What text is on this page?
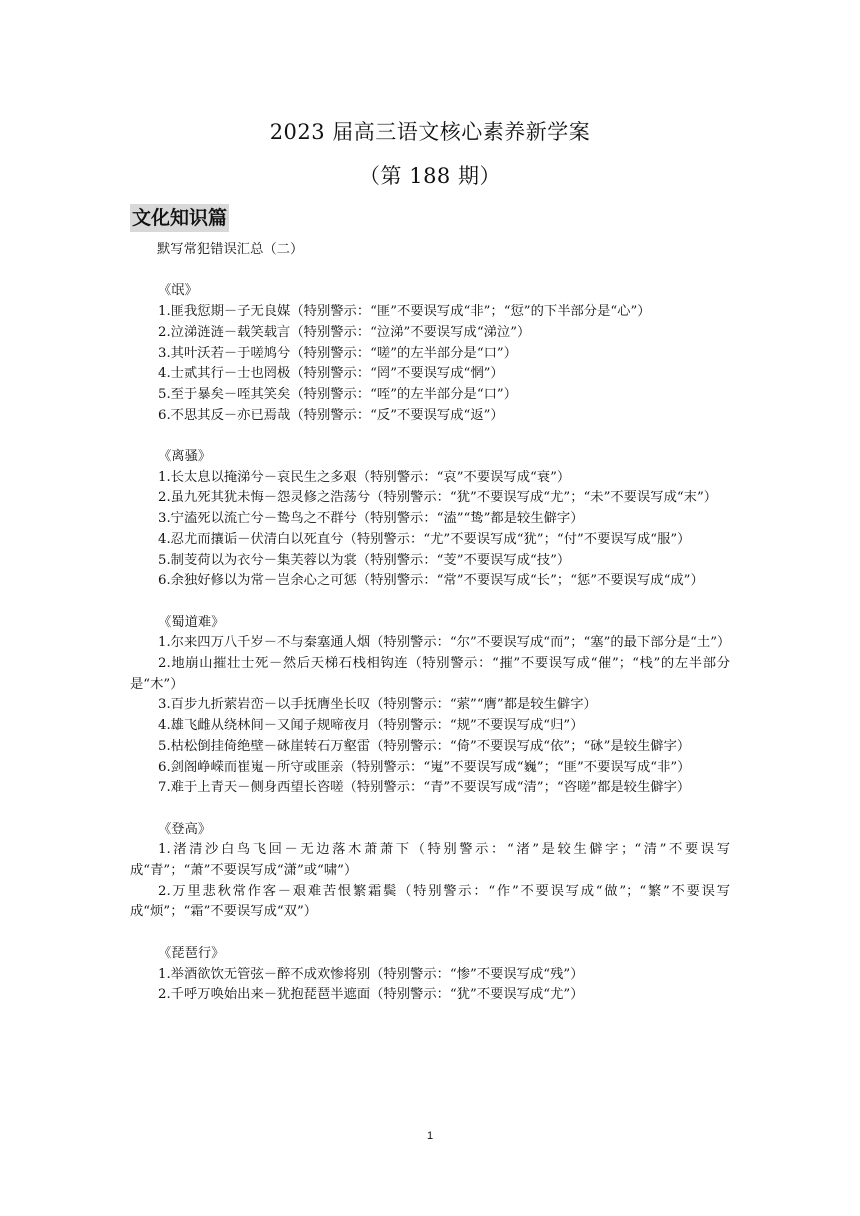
2023 届高三语文核心素养新学案
（第 188 期）
文化知识篇

默写常犯错误汇总（二）

《氓》

1.匪我愆期－子无良媒（特别警示：“匪”不要误写成“非”；“愆”的下半部分是“心”）

2.泣涕涟涟－载笑载言（特别警示：“泣涕”不要误写成“涕泣”）

3.其叶沃若－于嗟鸠兮（特别警示：“嗟”的左半部分是“口”）

4.士贰其行－士也罔极（特别警示：“罔”不要误写成“惘”）

5.至于暴矣－咥其笑矣（特别警示：“咥”的左半部分是“口”）

6.不思其反－亦已焉哉（特别警示：“反”不要误写成“返”）

《离骚》

1.长太息以掩涕兮－哀民生之多艰（特别警示：“哀”不要误写成“衰”）

2.虽九死其犹未悔－怨灵修之浩荡兮（特别警示：“犹”不要误写成“尤”；“未”不要误写成“末”）

3.宁溘死以流亡兮－鸷鸟之不群兮（特别警示：“溘”“鸷”都是较生僻字）

4.忍尤而攘诟－伏清白以死直兮（特别警示：“尤”不要误写成“犹”；“付”不要误写成“服”）

5.制芰荷以为衣兮－集芙蓉以为裳（特别警示：“芰”不要误写成“技”）

6.余独好修以为常－岂余心之可惩（特别警示：“常”不要误写成“长”；“惩”不要误写成“成”）

《蜀道难》

1.尔来四万八千岁－不与秦塞通人烟（特别警示：“尔”不要误写成“而”；“塞”的最下部分是“土”）

2.地崩山摧壮士死－然后天梯石栈相钩连（特别警示：“摧”不要误写成“催”；“栈”的左半部分是“木”）

3.百步九折萦岩峦－以手抚膺坐长叹（特别警示：“萦”“膺”都是较生僻字）

4.雄飞雌从绕林间－又闻子规啼夜月（特别警示：“规”不要误写成“归”）

5.枯松倒挂倚绝壁－砯崖转石万壑雷（特别警示：“倚”不要误写成“依”；“砯”是较生僻字）

6.剑阁峥嵘而崔嵬－所守或匪亲（特别警示：“嵬”不要误写成“巍”；“匪”不要误写成“非”）

7.难于上青天－侧身西望长咨嗟（特别警示：“青”不要误写成“清”；“咨嗟”都是较生僻字）

《登高》

1.渚清沙白鸟飞回－无边落木萧萧下（特别警示：“渚”是较生僻字；“清”不要误写成“青”；“萧”不要误写成“潇”或“啸”）

2.万里悲秋常作客－艰难苦恨繁霜鬓（特别警示：“作”不要误写成“做”；“繁”不要误写成“烦”；“霜”不要误写成“双”）

《琵琶行》

1.举酒欲饮无管弦－醉不成欢惨将别（特别警示：“惨”不要误写成“残”）

2.千呼万唤始出来－犹抱琵琶半遮面（特别警示：“犹”不要误写成“尤”）

1
